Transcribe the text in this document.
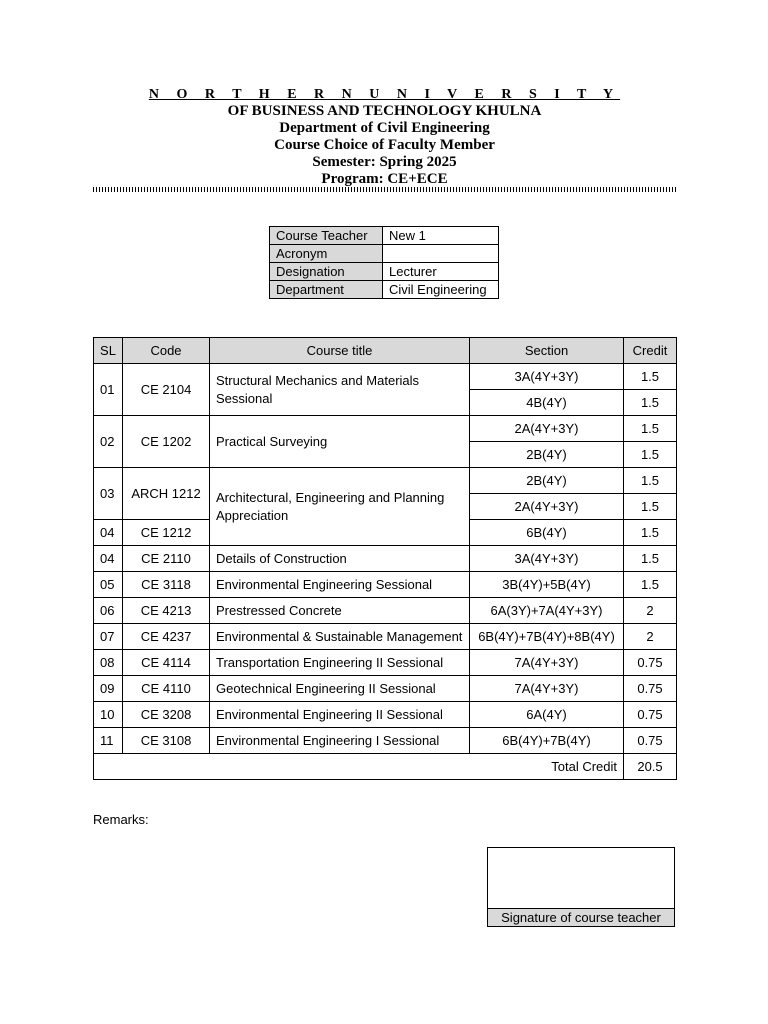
N O R T H E R N U N I V E R S I T Y
OF BUSINESS AND TECHNOLOGY KHULNA
Department of Civil Engineering
Course Choice of Faculty Member
Semester: Spring 2025
Program: CE+ECE
Course Teacher	New 1
Acronym	
Designation	Lecturer
Department	Civil Engineering
SL	Code	Course title	Section	Credit
01	CE 2104	Structural Mechanics and Materials Sessional	3A(4Y+3Y)	1.5
			4B(4Y)	1.5
02	CE 1202	Practical Surveying	2A(4Y+3Y)	1.5
			2B(4Y)	1.5
03	ARCH 1212	Architectural, Engineering and Planning Appreciation	2B(4Y)	1.5
			2A(4Y+3Y)	1.5
04	CE 1212		6B(4Y)	1.5
04	CE 2110	Details of Construction	3A(4Y+3Y)	1.5
05	CE 3118	Environmental Engineering Sessional	3B(4Y)+5B(4Y)	1.5
06	CE 4213	Prestressed Concrete	6A(3Y)+7A(4Y+3Y)	2
07	CE 4237	Environmental & Sustainable Management	6B(4Y)+7B(4Y)+8B(4Y)	2
08	CE 4114	Transportation Engineering II Sessional	7A(4Y+3Y)	0.75
09	CE 4110	Geotechnical Engineering II Sessional	7A(4Y+3Y)	0.75
10	CE 3208	Environmental Engineering II Sessional	6A(4Y)	0.75
11	CE 3108	Environmental Engineering I Sessional	6B(4Y)+7B(4Y)	0.75
Total Credit				20.5
Remarks:
Signature of course teacher
